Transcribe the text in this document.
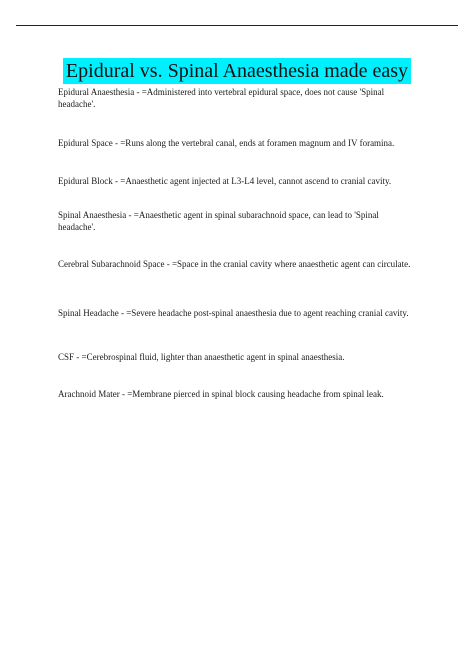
Epidural vs. Spinal Anaesthesia made easy

Epidural Anaesthesia - =Administered into vertebral epidural space, does not cause 'Spinal headache'.

Epidural Space - =Runs along the vertebral canal, ends at foramen magnum and IV foramina.

Epidural Block - =Anaesthetic agent injected at L3-L4 level, cannot ascend to cranial cavity.

Spinal Anaesthesia - =Anaesthetic agent in spinal subarachnoid space, can lead to 'Spinal headache'.

Cerebral Subarachnoid Space - =Space in the cranial cavity where anaesthetic agent can circulate.

Spinal Headache - =Severe headache post-spinal anaesthesia due to agent reaching cranial cavity.

CSF - =Cerebrospinal fluid, lighter than anaesthetic agent in spinal anaesthesia.

Arachnoid Mater - =Membrane pierced in spinal block causing headache from spinal leak.
